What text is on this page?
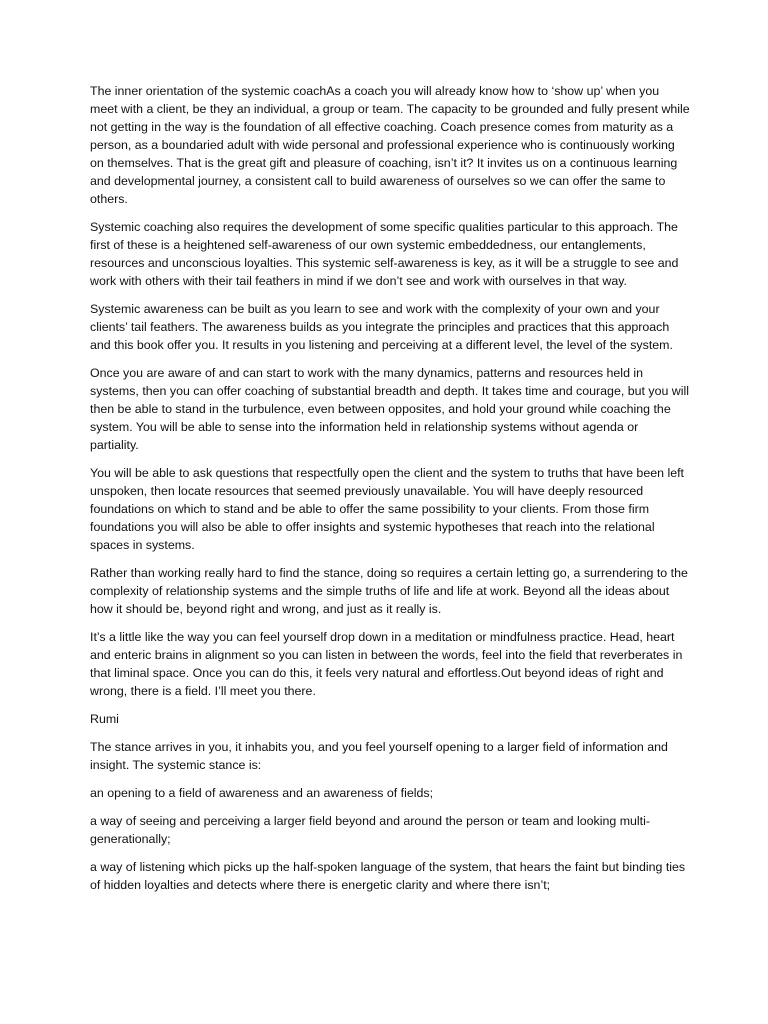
The inner orientation of the systemic coachAs a coach you will already know how to ‘show up’ when you meet with a client, be they an individual, a group or team. The capacity to be grounded and fully present while not getting in the way is the foundation of all effective coaching. Coach presence comes from maturity as a person, as a boundaried adult with wide personal and professional experience who is continuously working on themselves. That is the great gift and pleasure of coaching, isn’t it? It invites us on a continuous learning and developmental journey, a consistent call to build awareness of ourselves so we can offer the same to others.

Systemic coaching also requires the development of some specific qualities particular to this approach. The first of these is a heightened self-awareness of our own systemic embeddedness, our entanglements, resources and unconscious loyalties. This systemic self-awareness is key, as it will be a struggle to see and work with others with their tail feathers in mind if we don’t see and work with ourselves in that way.

Systemic awareness can be built as you learn to see and work with the complexity of your own and your clients’ tail feathers. The awareness builds as you integrate the principles and practices that this approach and this book offer you. It results in you listening and perceiving at a different level, the level of the system.

Once you are aware of and can start to work with the many dynamics, patterns and resources held in systems, then you can offer coaching of substantial breadth and depth. It takes time and courage, but you will then be able to stand in the turbulence, even between opposites, and hold your ground while coaching the system. You will be able to sense into the information held in relationship systems without agenda or partiality.

You will be able to ask questions that respectfully open the client and the system to truths that have been left unspoken, then locate resources that seemed previously unavailable. You will have deeply resourced foundations on which to stand and be able to offer the same possibility to your clients. From those firm foundations you will also be able to offer insights and systemic hypotheses that reach into the relational spaces in systems.

Rather than working really hard to find the stance, doing so requires a certain letting go, a surrendering to the complexity of relationship systems and the simple truths of life and life at work. Beyond all the ideas about how it should be, beyond right and wrong, and just as it really is.

It’s a little like the way you can feel yourself drop down in a meditation or mindfulness practice. Head, heart and enteric brains in alignment so you can listen in between the words, feel into the field that reverberates in that liminal space. Once you can do this, it feels very natural and effortless.Out beyond ideas of right and wrong, there is a field. I’ll meet you there.

Rumi

The stance arrives in you, it inhabits you, and you feel yourself opening to a larger field of information and insight. The systemic stance is:

an opening to a field of awareness and an awareness of fields;

a way of seeing and perceiving a larger field beyond and around the person or team and looking multi-generationally;

a way of listening which picks up the half-spoken language of the system, that hears the faint but binding ties of hidden loyalties and detects where there is energetic clarity and where there isn’t;
